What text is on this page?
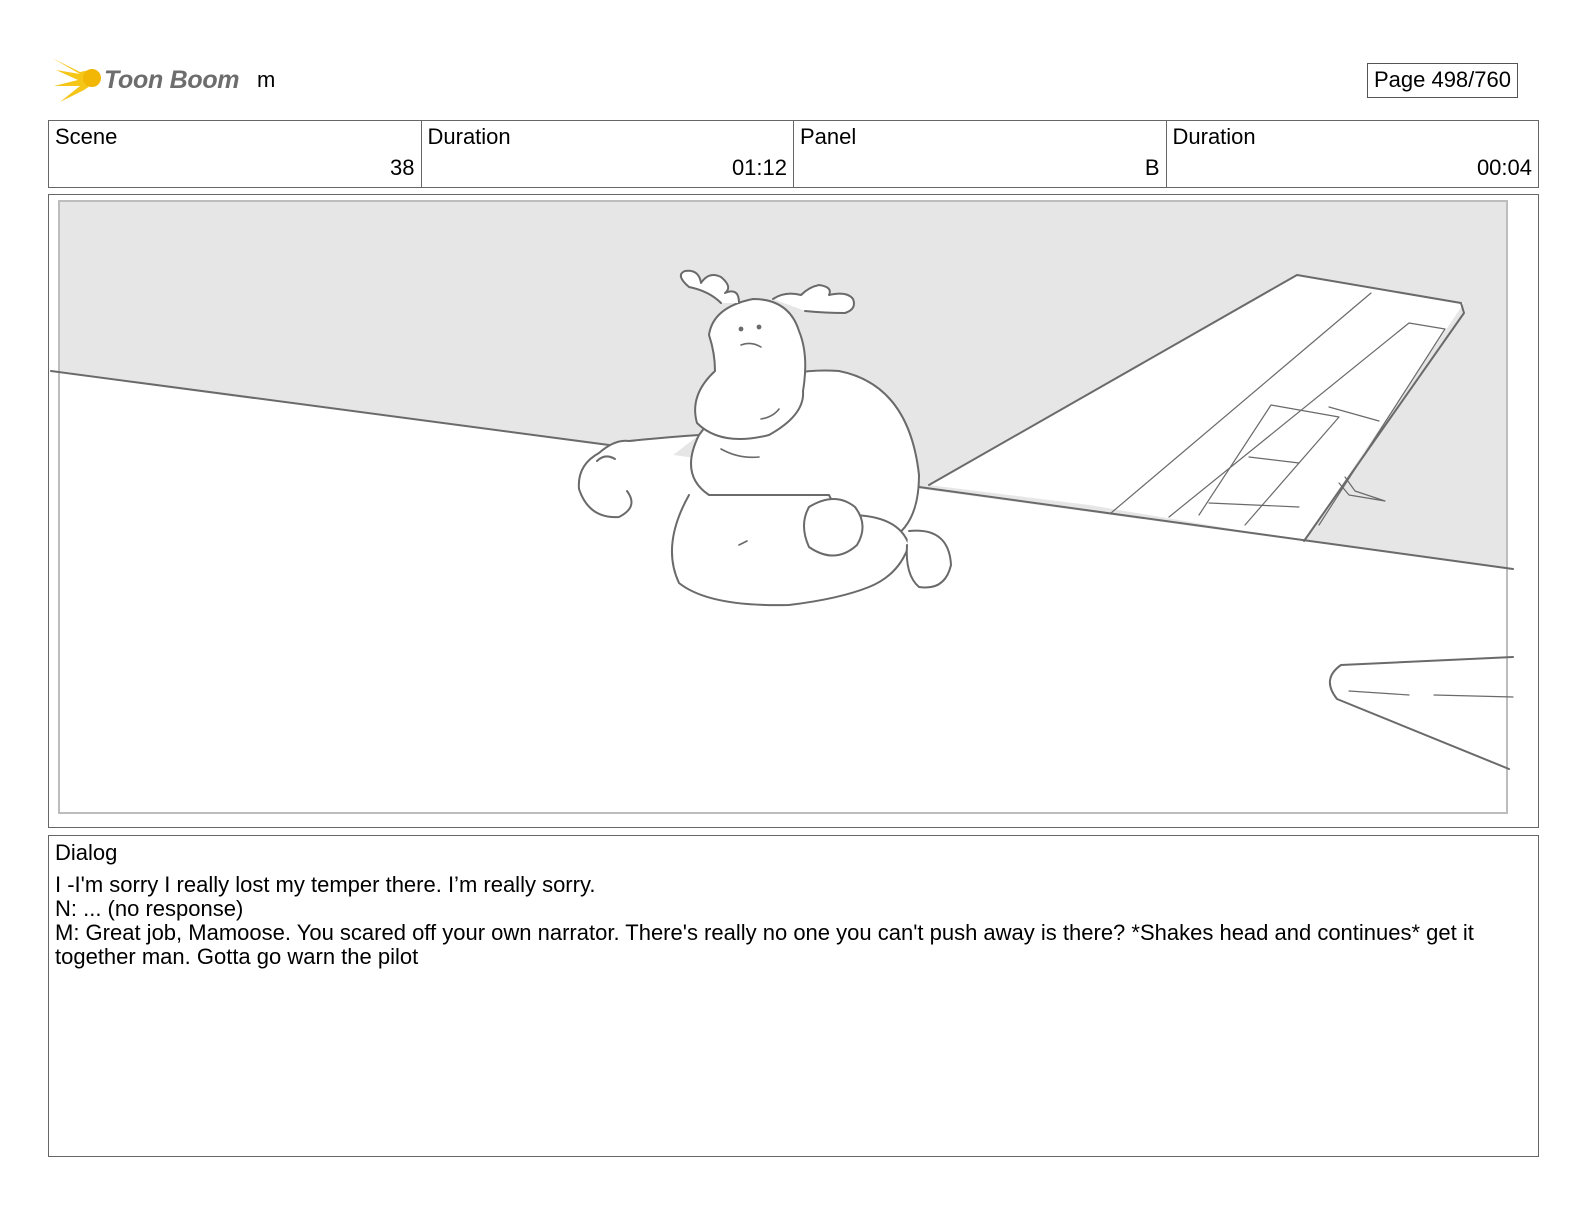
Toon Boom m	Page 498/760
Scene
38
Duration
01:12
Panel
B
Duration
00:04
Dialog
I -I'm sorry I really lost my temper there. I’m really sorry.
N: ... (no response)
M: Great job, Mamoose. You scared off your own narrator. There's really no one you can't push away is there? *Shakes head and continues* get it together man. Gotta go warn the pilot
